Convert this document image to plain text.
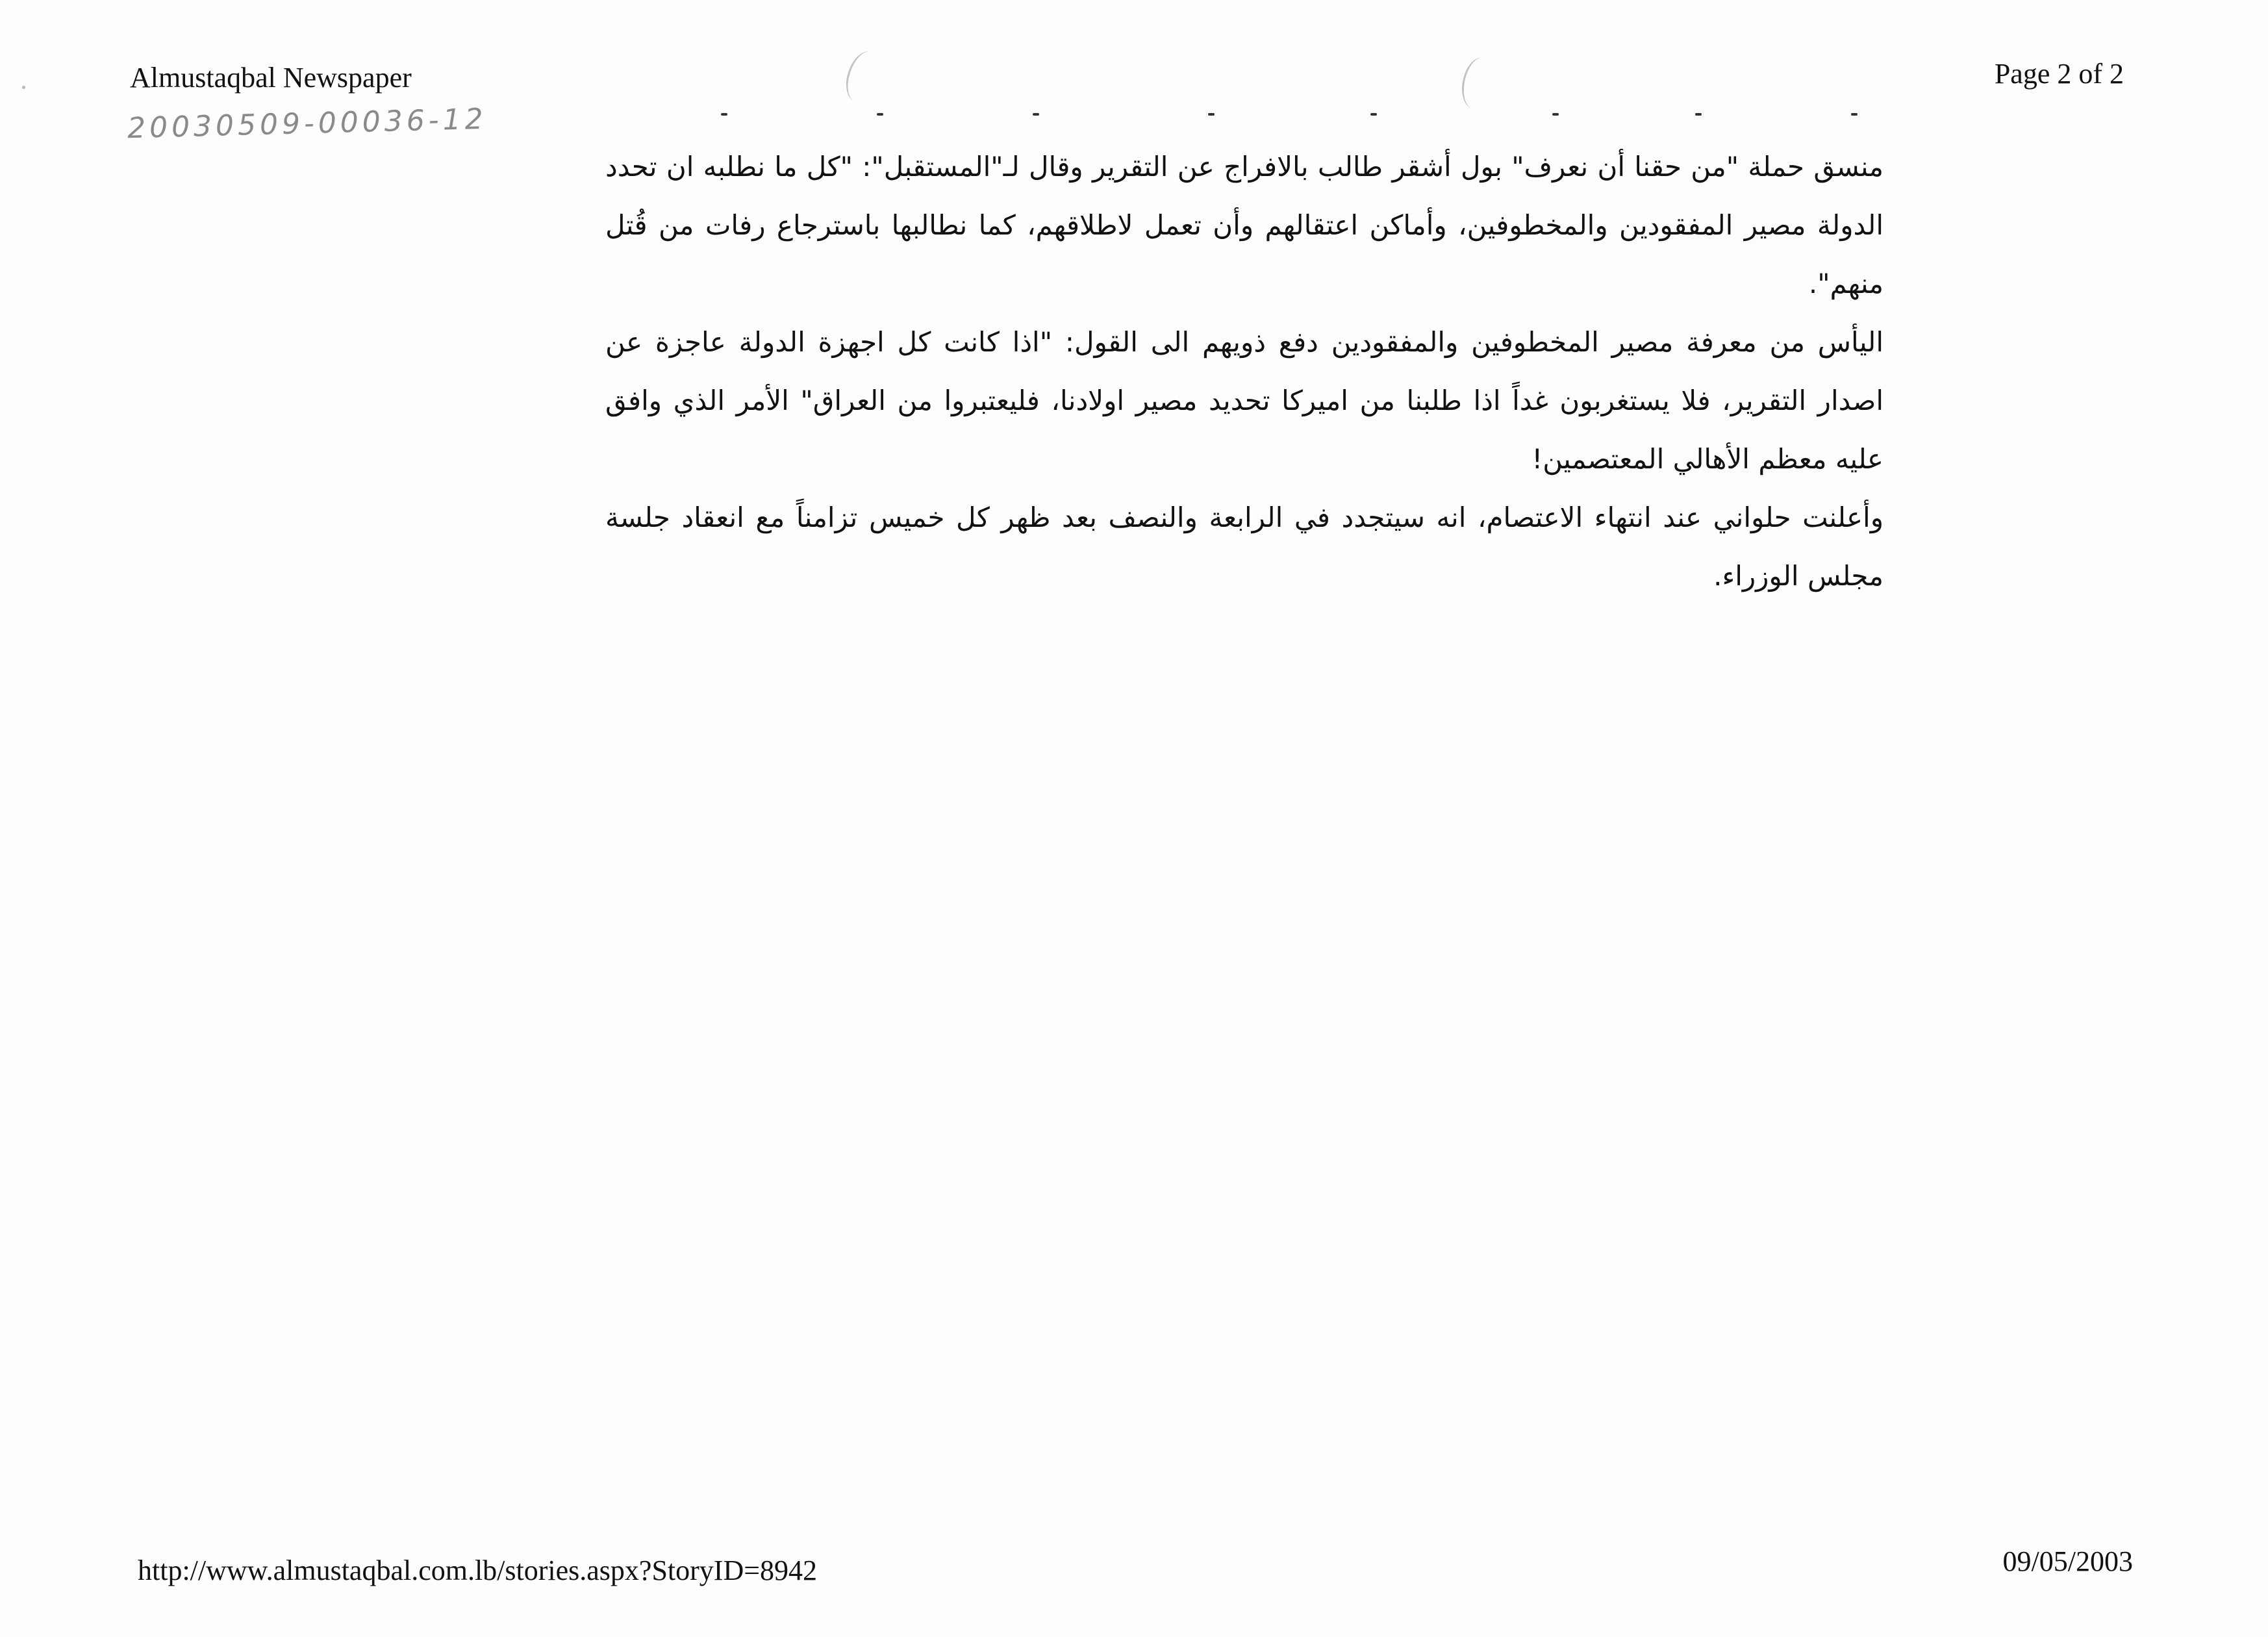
Almustaqbal Newspaper
20030509-00036-12
Page 2 of 2

منسق حملة "من حقنا أن نعرف" بول أشقر طالب بالافراج عن التقرير وقال لـ"المستقبل": "كل ما نطلبه ان تحدد الدولة مصير المفقودين والمخطوفين، وأماكن اعتقالهم وأن تعمل لاطلاقهم، كما نطالبها باسترجاع رفات من قُتل منهم".

اليأس من معرفة مصير المخطوفين والمفقودين دفع ذويهم الى القول: "اذا كانت كل اجهزة الدولة عاجزة عن اصدار التقرير، فلا يستغربون غداً اذا طلبنا من اميركا تحديد مصير اولادنا، فليعتبروا من العراق" الأمر الذي وافق عليه معظم الأهالي المعتصمين!

وأعلنت حلواني عند انتهاء الاعتصام، انه سيتجدد في الرابعة والنصف بعد ظهر كل خميس تزامناً مع انعقاد جلسة مجلس الوزراء.

http://www.almustaqbal.com.lb/stories.aspx?StoryID=8942	09/05/2003
